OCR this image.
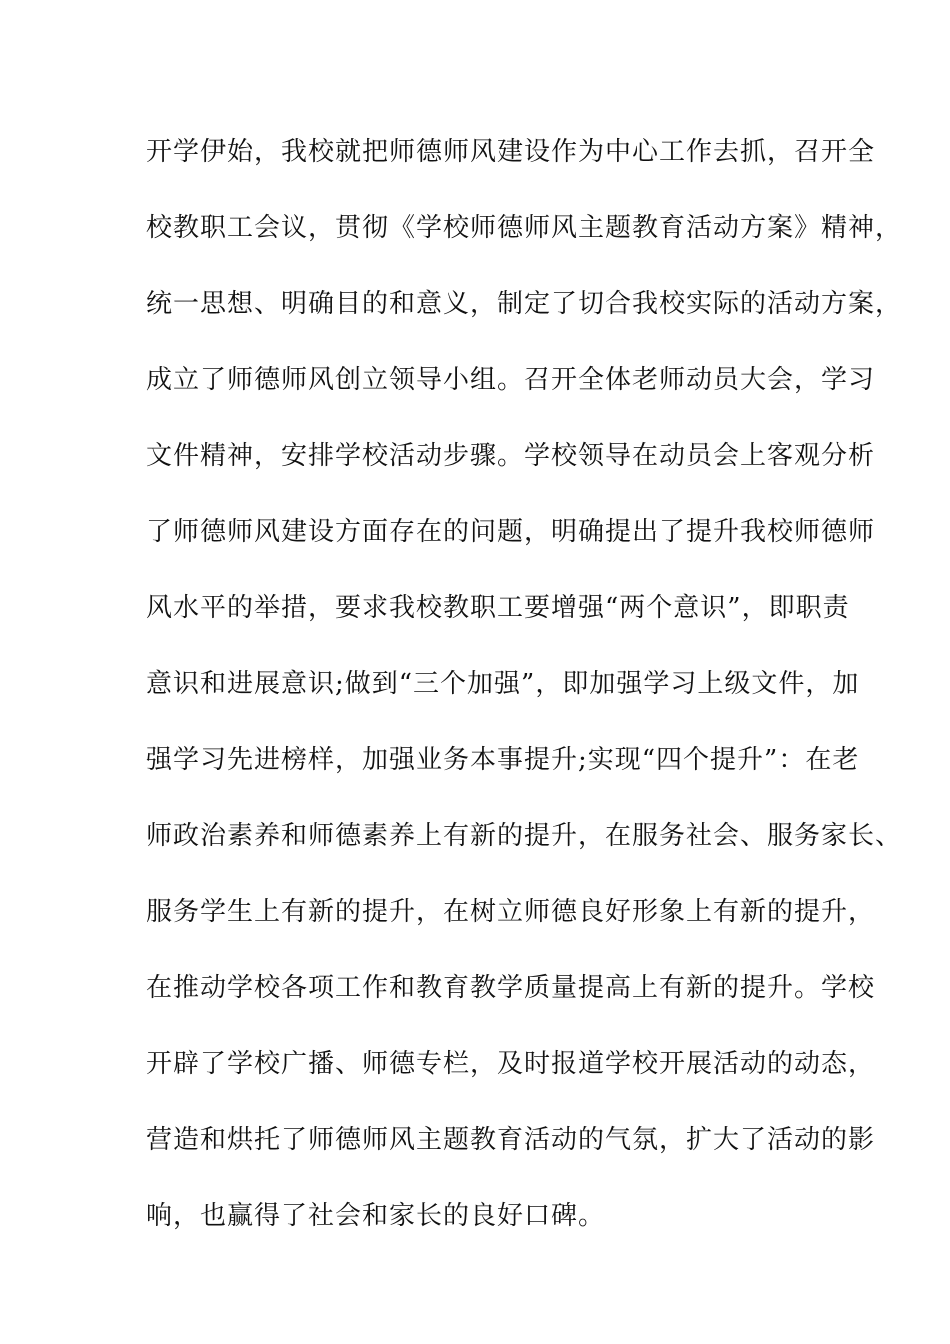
开学伊始，我校就把师德师风建设作为中心工作去抓，召开全
校教职工会议，贯彻《学校师德师风主题教育活动方案》精神，
统一思想、明确目的和意义，制定了切合我校实际的活动方案，
成立了师德师风创立领导小组。召开全体老师动员大会，学习
文件精神，安排学校活动步骤。学校领导在动员会上客观分析
了师德师风建设方面存在的问题，明确提出了提升我校师德师
风水平的举措，要求我校教职工要增强“两个意识”，即职责
意识和进展意识;做到“三个加强”，即加强学习上级文件，加
强学习先进榜样，加强业务本事提升;实现“四个提升”：在老
师政治素养和师德素养上有新的提升，在服务社会、服务家长、
服务学生上有新的提升，在树立师德良好形象上有新的提升，
在推动学校各项工作和教育教学质量提高上有新的提升。学校
开辟了学校广播、师德专栏，及时报道学校开展活动的动态，
营造和烘托了师德师风主题教育活动的气氛，扩大了活动的影
响，也赢得了社会和家长的良好口碑。
